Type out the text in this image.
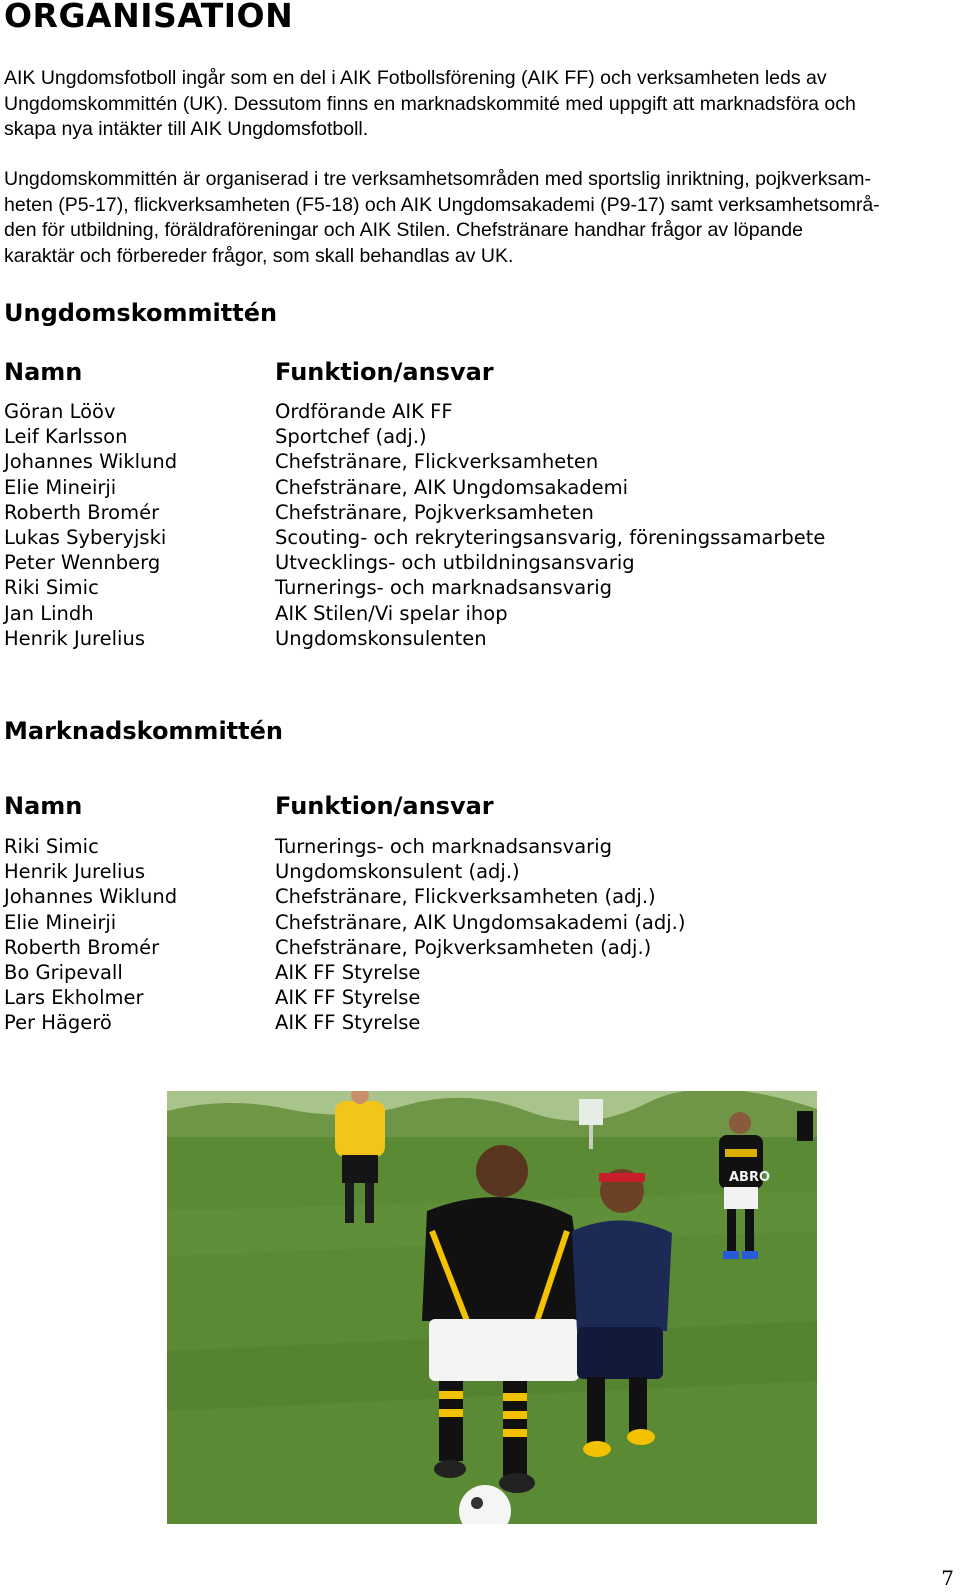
ORGANISATION
AIK Ungdomsfotboll ingår som en del i AIK Fotbollsförening (AIK FF) och verksamheten leds av
Ungdomskommittén (UK). Dessutom finns en marknadskommité med uppgift att marknadsföra och
skapa nya intäkter till AIK Ungdomsfotboll.
Ungdomskommittén är organiserad i tre verksamhetsområden med sportslig inriktning, pojkverksam-
heten (P5-17), flickverksamheten (F5-18) och AIK Ungdomsakademi (P9-17) samt verksamhetsområ-
den för utbildning, föräldraföreningar och AIK Stilen. Chefstränare handhar frågor av löpande
karaktär och förbereder frågor, som skall behandlas av UK.
Ungdomskommittén
Namn	Funktion/ansvar
Göran Lööv	Ordförande AIK FF
Leif Karlsson	Sportchef (adj.)
Johannes Wiklund	Chefstränare, Flickverksamheten
Elie Mineirji	Chefstränare, AIK Ungdomsakademi
Roberth Bromér	Chefstränare, Pojkverksamheten
Lukas Syberyjski	Scouting- och rekryteringsansvarig, föreningssamarbete
Peter Wennberg	Utvecklings- och utbildningsansvarig
Riki Simic	Turnerings- och marknadsansvarig
Jan Lindh	AIK Stilen/Vi spelar ihop
Henrik Jurelius	Ungdomskonsulenten
Marknadskommittén
Namn	Funktion/ansvar
Riki Simic	Turnerings- och marknadsansvarig
Henrik Jurelius	Ungdomskonsulent (adj.)
Johannes Wiklund	Chefstränare, Flickverksamheten (adj.)
Elie Mineirji	Chefstränare, AIK Ungdomsakademi (adj.)
Roberth Bromér	Chefstränare, Pojkverksamheten (adj.)
Bo Gripevall	AIK FF Styrelse
Lars Ekholmer	AIK FF Styrelse
Per Hägerö	AIK FF Styrelse
ABRO
7
